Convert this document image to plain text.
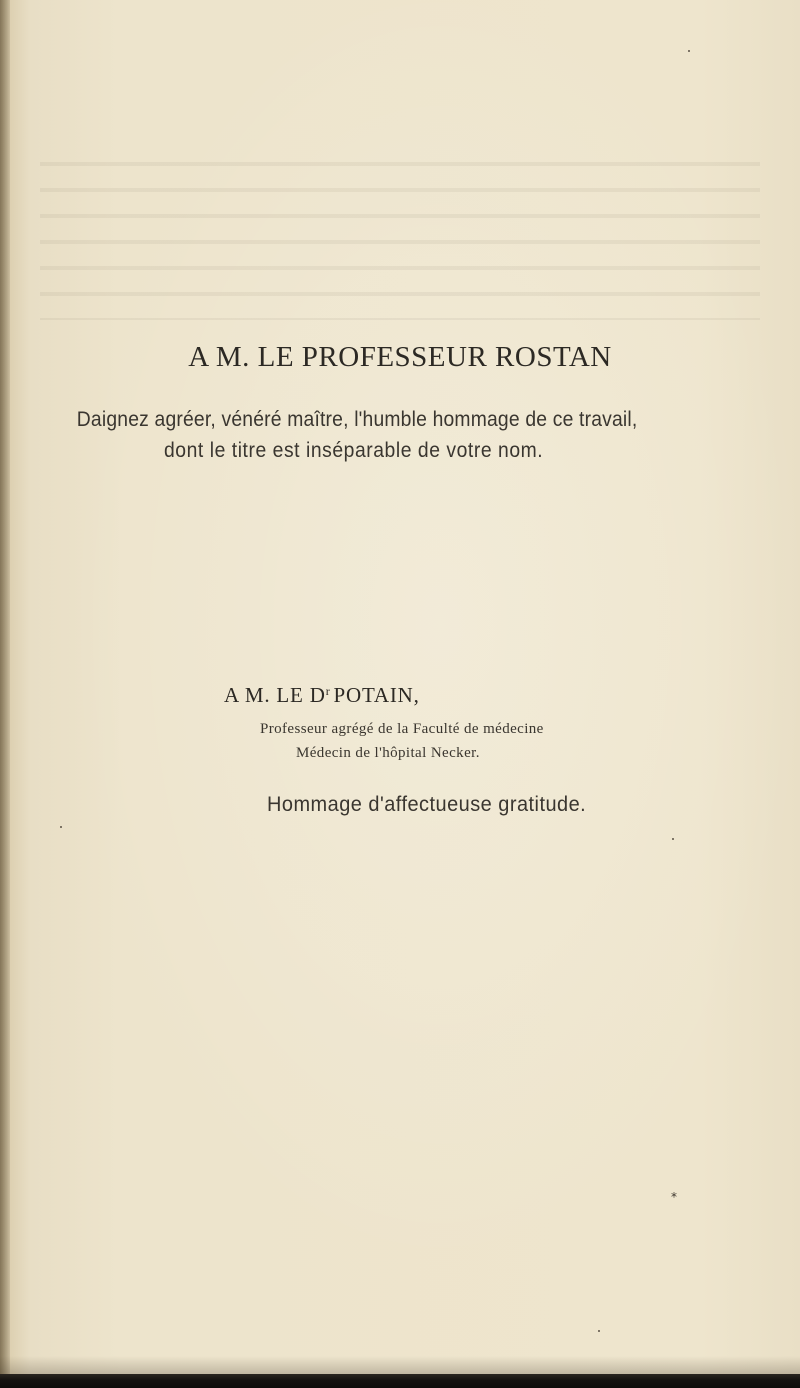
A M. LE PROFESSEUR ROSTAN
Daignez agréer, vénéré maître, l'humble hommage de ce travail,
dont le titre est inséparable de votre nom.
A M. LE $D^r$ POTAIN,
Professeur agrégé de la Faculté de médecine
Médecin de l'hôpital Necker.
Hommage d'affectueuse gratitude.
*
